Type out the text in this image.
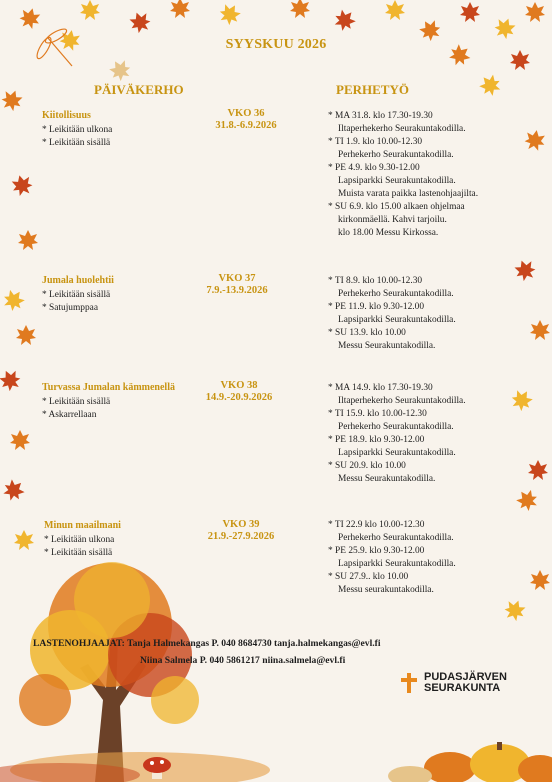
SYYSKUU 2026
PÄIVÄKERHO	PERHETYÖ
Kiitollisuus
* Leikitään ulkona
* Leikitään sisällä
VKO 36
31.8.-6.9.2026
* MA 31.8. klo 17.30-19.30
Iltaperhekerho Seurakuntakodilla.
* TI 1.9. klo 10.00-12.30
Perhekerho Seurakuntakodilla.
* PE 4.9. klo 9.30-12.00
Lapsiparkki Seurakuntakodilla.
Muista varata paikka lastenohjaajilta.
* SU 6.9. klo 15.00 alkaen ohjelmaa
kirkonmäellä. Kahvi tarjoilu.
klo 18.00 Messu Kirkossa.
Jumala huolehtii
* Leikitään sisällä
* Satujumppaa
VKO 37
7.9.-13.9.2026
* TI 8.9. klo 10.00-12.30
Perhekerho Seurakuntakodilla.
* PE 11.9. klo 9.30-12.00
Lapsiparkki Seurakuntakodilla.
* SU 13.9. klo 10.00
Messu Seurakuntakodilla.
Turvassa Jumalan kämmenellä
* Leikitään sisällä
* Askarrellaan
VKO 38
14.9.-20.9.2026
* MA 14.9. klo 17.30-19.30
Iltaperhekerho Seurakuntakodilla.
* TI 15.9. klo 10.00-12.30
Perhekerho Seurakuntakodilla.
* PE 18.9. klo 9.30-12.00
Lapsiparkki Seurakuntakodilla.
* SU 20.9. klo 10.00
Messu Seurakuntakodilla.
Minun maailmani
* Leikitään ulkona
* Leikitään sisällä
VKO 39
21.9.-27.9.2026
* TI 22.9 klo 10.00-12.30
Perhekerho Seurakuntakodilla.
* PE 25.9. klo 9.30-12.00
Lapsiparkki Seurakuntakodilla.
* SU 27.9.. klo 10.00
Messu seurakuntakodilla.
LASTENOHJAAJAT: Tanja Halmekangas P. 040 8684730 tanja.halmekangas@evl.fi
Niina Salmela P. 040 5861217 niina.salmela@evl.fi
PUDASJÄRVEN
SEURAKUNTA
